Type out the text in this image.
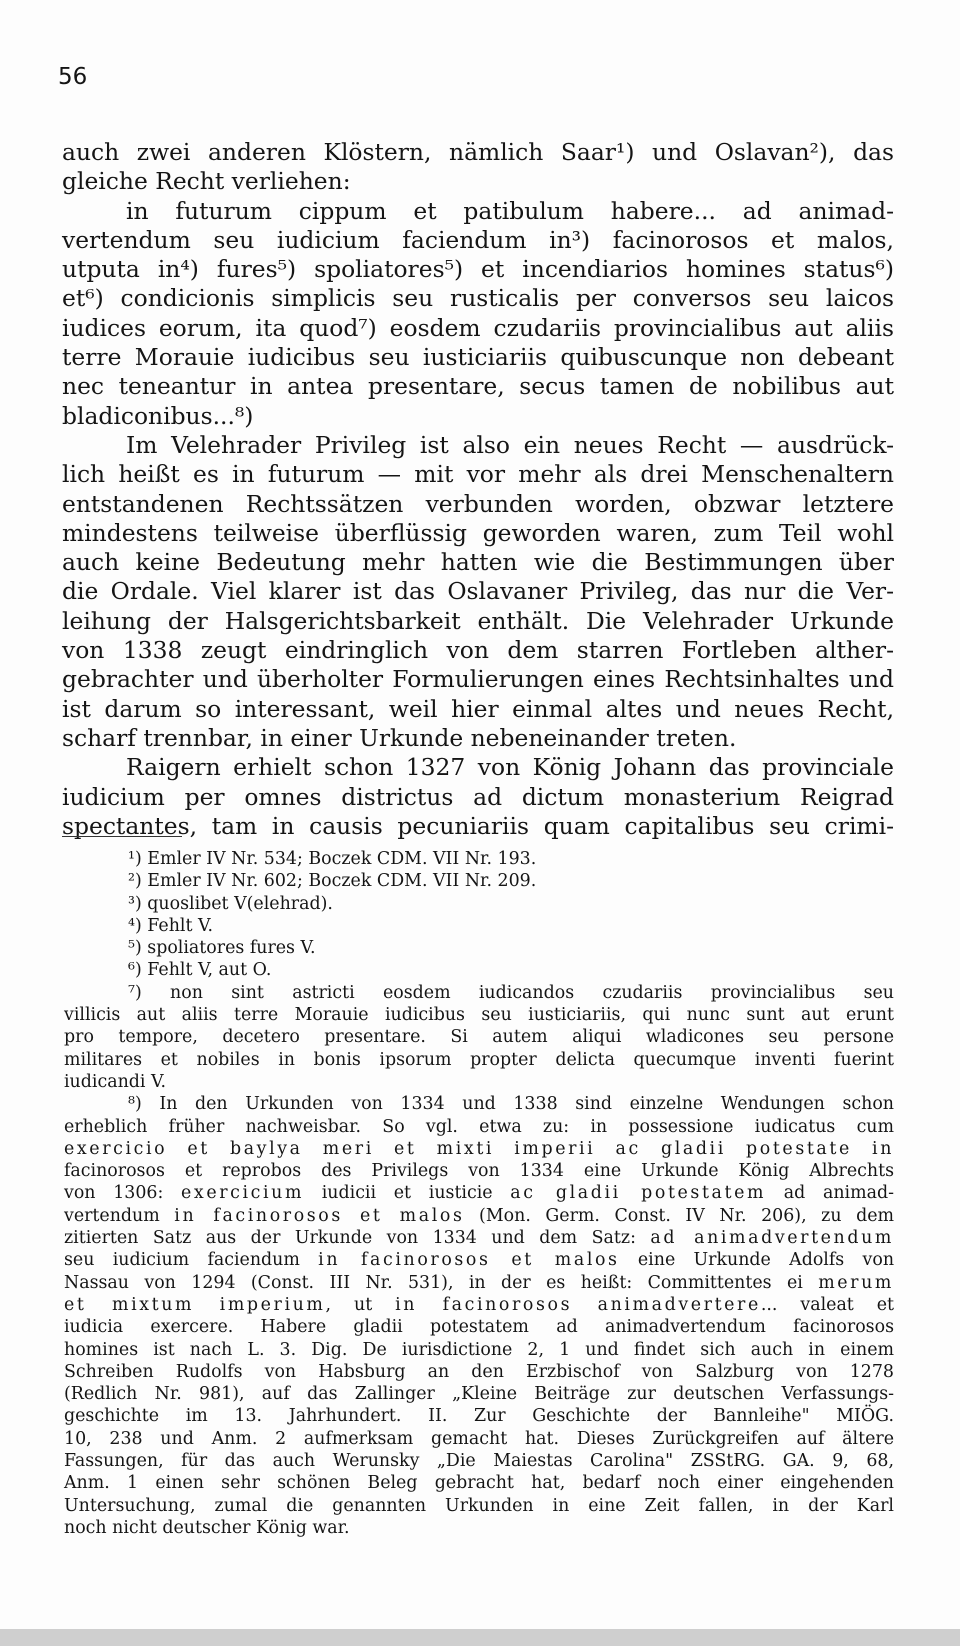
56
auch zwei anderen Klöstern, nämlich Saar¹) und Oslavan²), das
gleiche Recht verliehen:
in futurum cippum et patibulum habere... ad animad-
vertendum seu iudicium faciendum in³) facinorosos et malos,
utputa in⁴) fures⁵) spoliatores⁵) et incendiarios homines status⁶)
et⁶) condicionis simplicis seu rusticalis per conversos seu laicos
iudices eorum, ita quod⁷) eosdem czudariis provincialibus aut aliis
terre Morauie iudicibus seu iusticiariis quibuscunque non debeant
nec teneantur in antea presentare, secus tamen de nobilibus aut
bladiconibus...⁸)
Im Velehrader Privileg ist also ein neues Recht — ausdrück-
lich heißt es in futurum — mit vor mehr als drei Menschenaltern
entstandenen Rechtssätzen verbunden worden, obzwar letztere
mindestens teilweise überflüssig geworden waren, zum Teil wohl
auch keine Bedeutung mehr hatten wie die Bestimmungen über
die Ordale. Viel klarer ist das Oslavaner Privileg, das nur die Ver-
leihung der Halsgerichtsbarkeit enthält. Die Velehrader Urkunde
von 1338 zeugt eindringlich von dem starren Fortleben alther-
gebrachter und überholter Formulierungen eines Rechtsinhaltes und
ist darum so interessant, weil hier einmal altes und neues Recht,
scharf trennbar, in einer Urkunde nebeneinander treten.
Raigern erhielt schon 1327 von König Johann das provinciale
iudicium per omnes districtus ad dictum monasterium Reigrad
spectantes, tam in causis pecuniariis quam capitalibus seu crimi-
¹) Emler IV Nr. 534; Boczek CDM. VII Nr. 193.
²) Emler IV Nr. 602; Boczek CDM. VII Nr. 209.
³) quoslibet V(elehrad).
⁴) Fehlt V.
⁵) spoliatores fures V.
⁶) Fehlt V, aut O.
⁷) non sint astricti eosdem iudicandos czudariis provincialibus seu
villicis aut aliis terre Morauie iudicibus seu iusticiariis, qui nunc sunt aut erunt
pro tempore, decetero presentare. Si autem aliqui wladicones seu persone
militares et nobiles in bonis ipsorum propter delicta quecumque inventi fuerint
iudicandi V.
⁸) In den Urkunden von 1334 und 1338 sind einzelne Wendungen schon
erheblich früher nachweisbar. So vgl. etwa zu: in possessione iudicatus cum
exercicio et baylya meri et mixti imperii ac gladii potestate in
facinorosos et reprobos des Privilegs von 1334 eine Urkunde König Albrechts
von 1306: exercicium iudicii et iusticie ac gladii potestatem ad animad-
vertendum in facinorosos et malos (Mon. Germ. Const. IV Nr. 206), zu dem
zitierten Satz aus der Urkunde von 1334 und dem Satz: ad animadvertendum
seu iudicium faciendum in facinorosos et malos eine Urkunde Adolfs von
Nassau von 1294 (Const. III Nr. 531), in der es heißt: Committentes ei merum
et mixtum imperium, ut in facinorosos animadvertere... valeat et
iudicia exercere. Habere gladii potestatem ad animadvertendum facinorosos
homines ist nach L. 3. Dig. De iurisdictione 2, 1 und findet sich auch in einem
Schreiben Rudolfs von Habsburg an den Erzbischof von Salzburg von 1278
(Redlich Nr. 981), auf das Zallinger „Kleine Beiträge zur deutschen Verfassungs-
geschichte im 13. Jahrhundert. II. Zur Geschichte der Bannleihe" MIÖG.
10, 238 und Anm. 2 aufmerksam gemacht hat. Dieses Zurückgreifen auf ältere
Fassungen, für das auch Werunsky „Die Maiestas Carolina" ZSStRG. GA. 9, 68,
Anm. 1 einen sehr schönen Beleg gebracht hat, bedarf noch einer eingehenden
Untersuchung, zumal die genannten Urkunden in eine Zeit fallen, in der Karl
noch nicht deutscher König war.
